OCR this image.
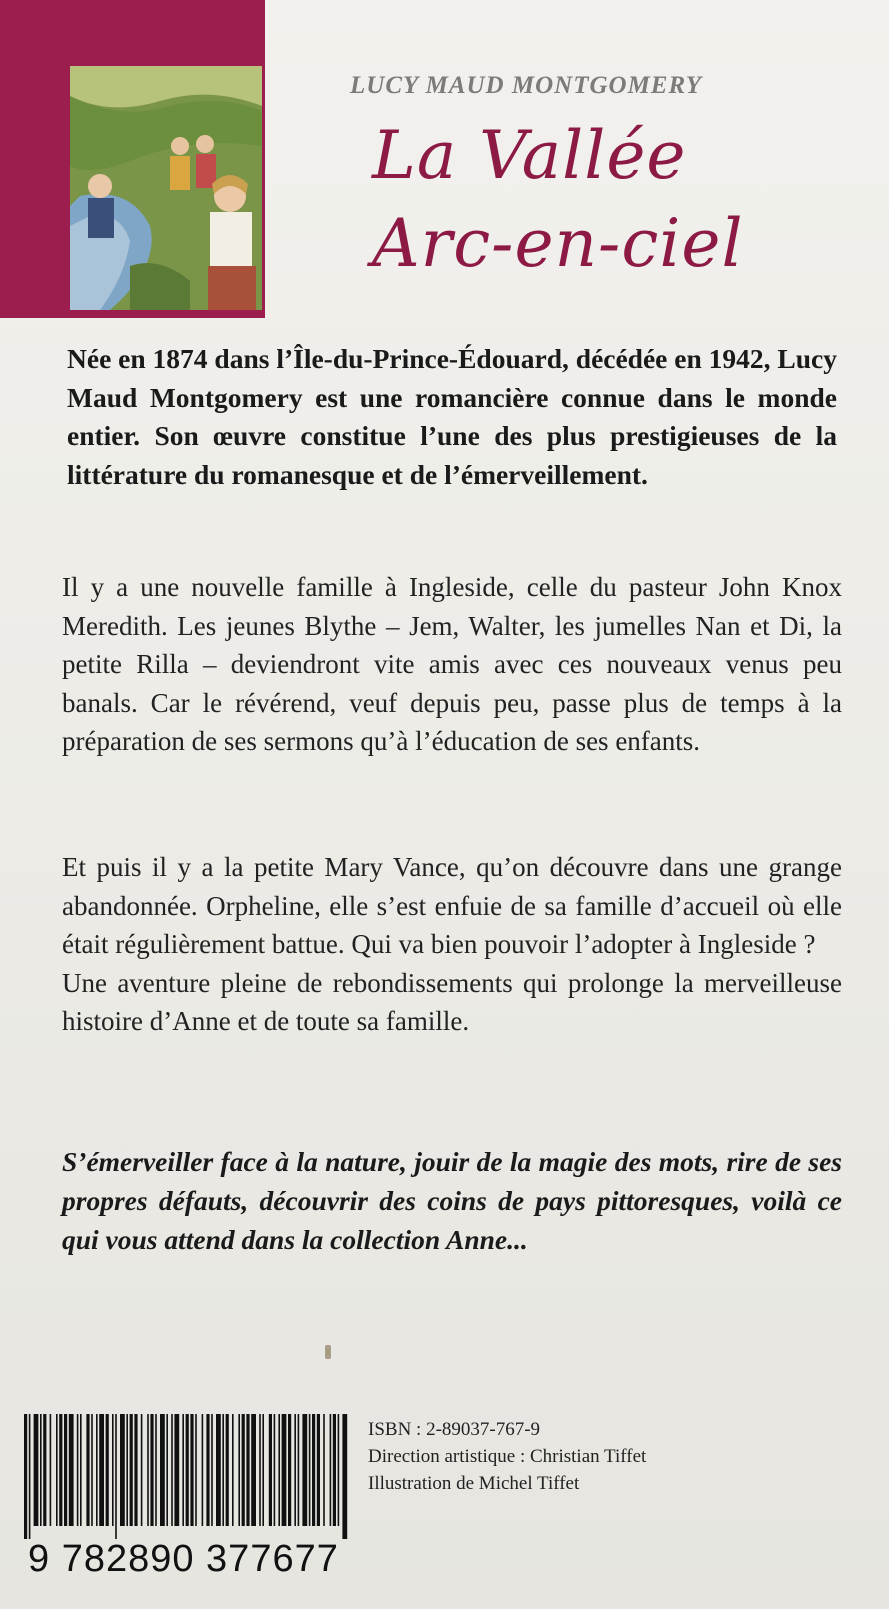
LUCY MAUD MONTGOMERY
La Vallée
Arc-en-ciel
Née en 1874 dans l’Île-du-Prince-Édouard, décédée en 1942, Lucy Maud Montgomery est une romancière connue dans le monde entier. Son œuvre constitue l’une des plus prestigieuses de la littérature du romanesque et de l’émerveillement.
Il y a une nouvelle famille à Ingleside, celle du pasteur John Knox Meredith. Les jeunes Blythe – Jem, Walter, les jumelles Nan et Di, la petite Rilla – deviendront vite amis avec ces nouveaux venus peu banals. Car le révérend, veuf depuis peu, passe plus de temps à la préparation de ses sermons qu’à l’éducation de ses enfants.
Et puis il y a la petite Mary Vance, qu’on découvre dans une grange abandonnée. Orpheline, elle s’est enfuie de sa famille d’accueil où elle était régulièrement battue. Qui va bien pouvoir l’adopter à Ingleside ?
Une aventure pleine de rebondissements qui prolonge la merveilleuse histoire d’Anne et de toute sa famille.
S’émerveiller face à la nature, jouir de la magie des mots, rire de ses propres défauts, découvrir des coins de pays pittoresques, voilà ce qui vous attend dans la collection Anne...
9 782890 377677
ISBN : 2-89037-767-9
Direction artistique : Christian Tiffet
Illustration de Michel Tiffet
